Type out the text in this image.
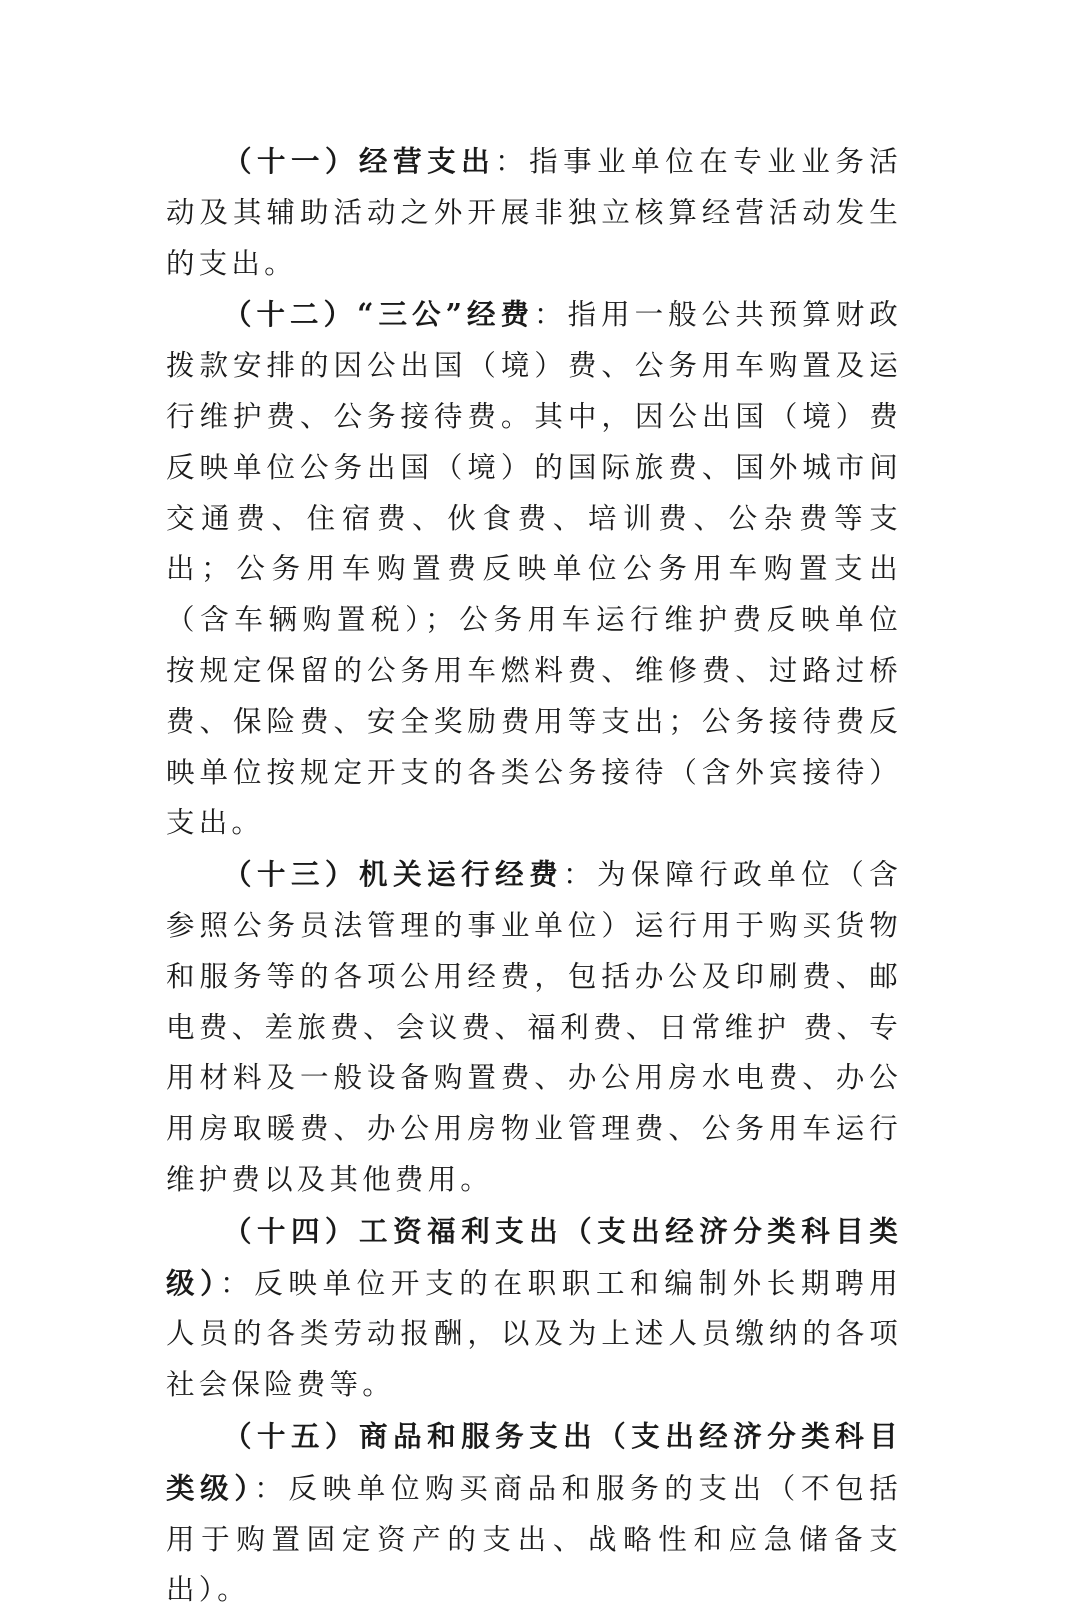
（十一）经营支出：指事业单位在专业业务活动及其辅助活动之外开展非独立核算经营活动发生的支出。

（十二）“三公”经费：指用一般公共预算财政拨款安排的因公出国（境）费、公务用车购置及运行维护费、公务接待费。其中，因公出国（境）费反映单位公务出国（境）的国际旅费、国外城市间交通费、住宿费、伙食费、培训费、公杂费等支出；公务用车购置费反映单位公务用车购置支出（含车辆购置税）；公务用车运行维护费反映单位按规定保留的公务用车燃料费、维修费、过路过桥费、保险费、安全奖励费用等支出；公务接待费反映单位按规定开支的各类公务接待（含外宾接待）支出。

（十三）机关运行经费：为保障行政单位（含参照公务员法管理的事业单位）运行用于购买货物和服务等的各项公用经费，包括办公及印刷费、邮电费、差旅费、会议费、福利费、日常维护 费、专用材料及一般设备购置费、办公用房水电费、办公用房取暖费、办公用房物业管理费、公务用车运行维护费以及其他费用。

（十四）工资福利支出（支出经济分类科目类级）：反映单位开支的在职职工和编制外长期聘用人员的各类劳动报酬，以及为上述人员缴纳的各项社会保险费等。

（十五）商品和服务支出（支出经济分类科目类级）：反映单位购买商品和服务的支出（不包括用于购置固定资产的支出、战略性和应急储备支出）。
